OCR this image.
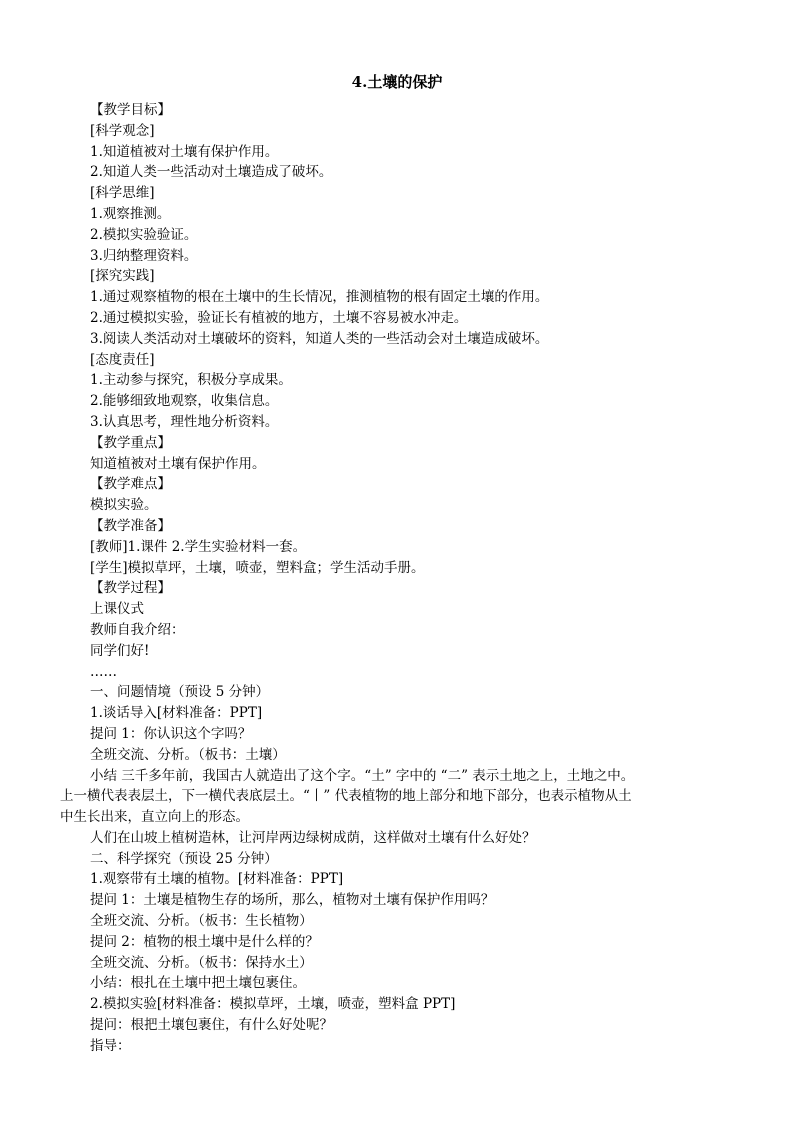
4.土壤的保护
【教学目标】
[科学观念]
1.知道植被对土壤有保护作用。
2.知道人类一些活动对土壤造成了破坏。
[科学思维]
1.观察推测。
2.模拟实验验证。
3.归纳整理资料。
[探究实践]
1.通过观察植物的根在土壤中的生长情况，推测植物的根有固定土壤的作用。
2.通过模拟实验，验证长有植被的地方，土壤不容易被水冲走。
3.阅读人类活动对土壤破坏的资料，知道人类的一些活动会对土壤造成破坏。
[态度责任]
1.主动参与探究，积极分享成果。
2.能够细致地观察，收集信息。
3.认真思考，理性地分析资料。
【教学重点】
知道植被对土壤有保护作用。
【教学难点】
模拟实验。
【教学准备】
[教师]1.课件 2.学生实验材料一套。
[学生]模拟草坪，土壤，喷壶，塑料盒；学生活动手册。
【教学过程】
上课仪式
教师自我介绍：
同学们好!
……
一、问题情境（预设 5 分钟）
1.谈话导入[材料准备：PPT]
提问 1：你认识这个字吗？
全班交流、分析。（板书：土壤）
小结 三千多年前，我国古人就造出了这个字。“土” 字中的 “二” 表示土地之上，土地之中。
上一横代表表层土，下一横代表底层土。“丨” 代表植物的地上部分和地下部分，也表示植物从土
中生长出来，直立向上的形态。
人们在山坡上植树造林，让河岸两边绿树成荫，这样做对土壤有什么好处？
二、科学探究（预设 25 分钟）
1.观察带有土壤的植物。[材料准备：PPT]
提问 1：土壤是植物生存的场所，那么，植物对土壤有保护作用吗？
全班交流、分析。（板书：生长植物）
提问 2：植物的根土壤中是什么样的？
全班交流、分析。（板书：保持水土）
小结：根扎在土壤中把土壤包裹住。
2.模拟实验[材料准备：模拟草坪，土壤，喷壶，塑料盒 PPT]
提问：根把土壤包裹住，有什么好处呢？
指导：
